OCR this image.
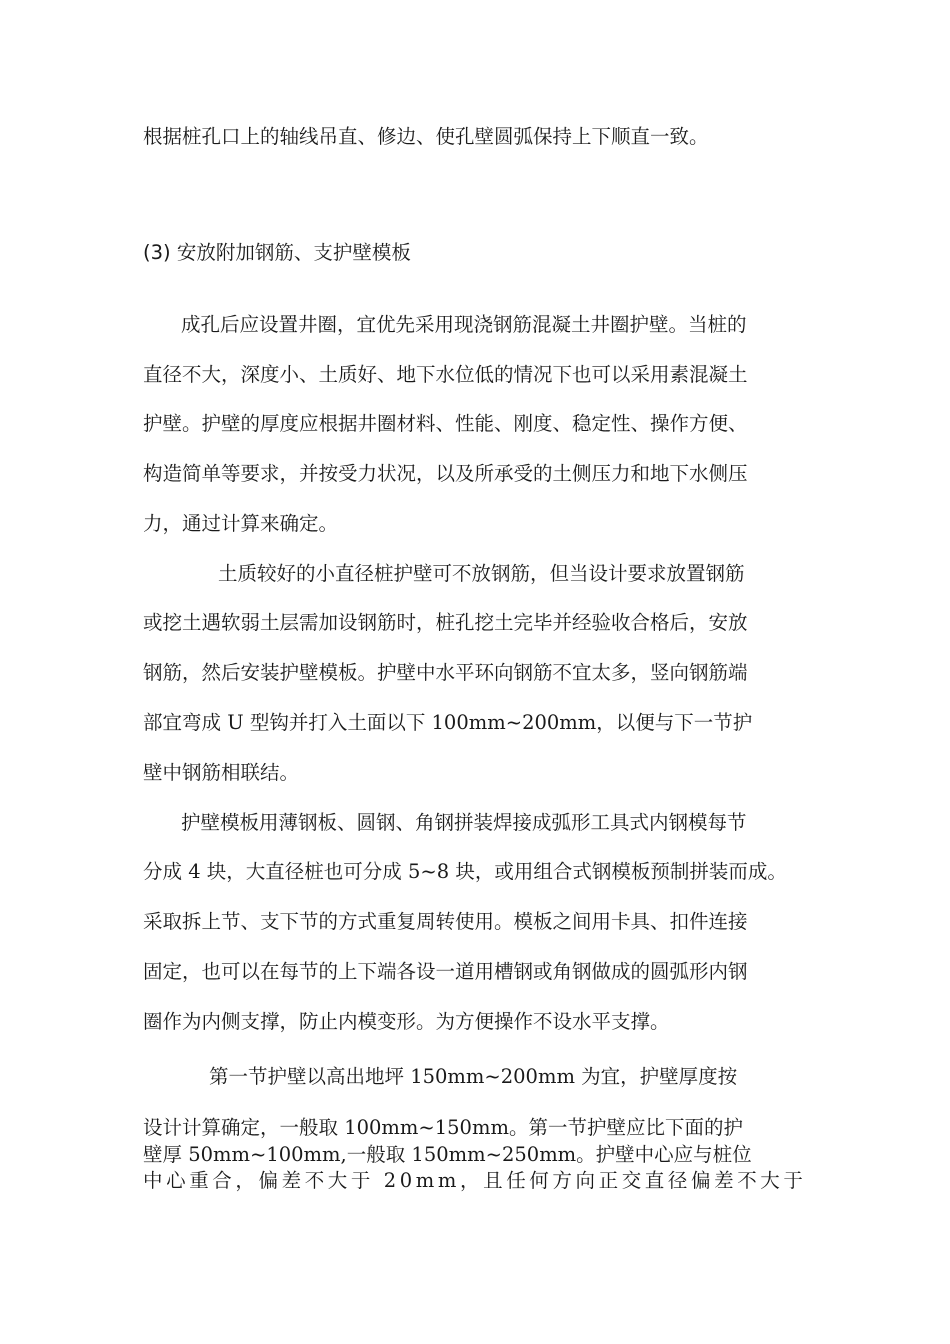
根据桩孔口上的轴线吊直、修边、使孔壁圆弧保持上下顺直一致。
(3) 安放附加钢筋、支护壁模板
成孔后应设置井圈，宜优先采用现浇钢筋混凝土井圈护壁。当桩的
直径不大，深度小、土质好、地下水位低的情况下也可以采用素混凝土
护壁。护壁的厚度应根据井圈材料、性能、刚度、稳定性、操作方便、
构造简单等要求，并按受力状况，以及所承受的土侧压力和地下水侧压
力，通过计算来确定。
土质较好的小直径桩护壁可不放钢筋，但当设计要求放置钢筋
或挖土遇软弱土层需加设钢筋时，桩孔挖土完毕并经验收合格后，安放
钢筋，然后安装护壁模板。护壁中水平环向钢筋不宜太多，竖向钢筋端
部宜弯成 U 型钩并打入土面以下 100mm~200mm，以便与下一节护
壁中钢筋相联结。
护壁模板用薄钢板、圆钢、角钢拼装焊接成弧形工具式内钢模每节
分成 4 块，大直径桩也可分成 5~8 块，或用组合式钢模板预制拼装而成。
采取拆上节、支下节的方式重复周转使用。模板之间用卡具、扣件连接
固定，也可以在每节的上下端各设一道用槽钢或角钢做成的圆弧形内钢
圈作为内侧支撑，防止内模变形。为方便操作不设水平支撑。
第一节护壁以高出地坪 150mm~200mm 为宜，护壁厚度按
设计计算确定，一般取 100mm~150mm。第一节护壁应比下面的护
壁厚 50mm~100mm,一般取 150mm~250mm。护壁中心应与桩位
中心重合，偏差不大于 20mm，且任何方向正交直径偏差不大于
